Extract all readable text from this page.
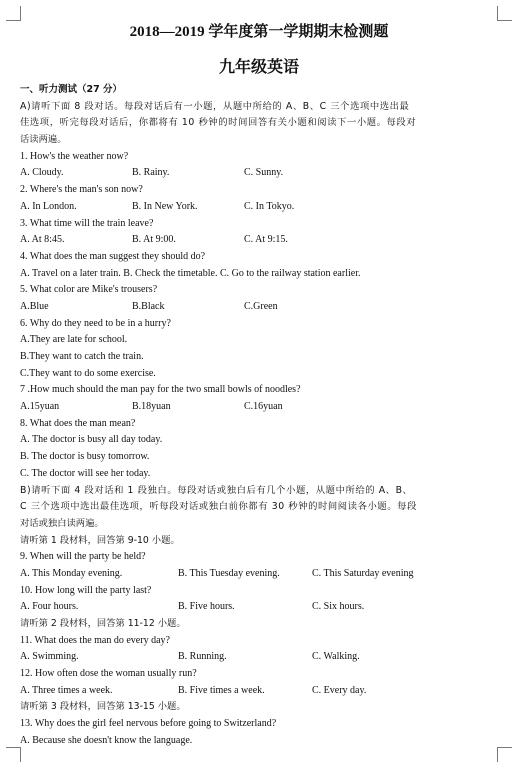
2018—2019 学年度第一学期期末检测题
九年级英语
一、听力测试（27 分）
A)请听下面 8 段对话。每段对话后有一小题，从题中所给的 A、B、C 三个选项中选出最
佳选项，听完每段对话后，你都将有 10 秒钟的时间回答有关小题和阅读下一小题。每段对
话读两遍。
1. How's the weather now?
A. Cloudy.	B. Rainy.	C. Sunny.
2. Where's the man's son now?
A. In London.	B. In New York.	C. In Tokyo.
3. What time will the train leave?
A. At 8:45.	B. At 9:00.	C. At 9:15.
4. What does the man suggest they should do?
A. Travel on a later train. B. Check the timetable. C. Go to the railway station earlier.
5. What color are Mike's trousers?
A.Blue	B.Black	C.Green
6. Why do they need to be in a hurry?
A.They are late for school.
B.They want to catch the train.
C.They want to do some exercise.
7 .How much should the man pay for the two small bowls of noodles?
A.15yuan	B.18yuan	C.16yuan
8. What does the man mean?
A. The doctor is busy all day today.
B. The doctor is busy tomorrow.
C. The doctor will see her today.
B)请听下面 4 段对话和 1 段独白。每段对话或独白后有几个小题，从题中所给的 A、B、
C 三个选项中选出最佳选项，听每段对话或独白前你都有 30 秒钟的时间阅读各小题。每段
对话或独白读两遍。
请听第 1 段材料，回答第 9-10 小题。
9. When will the party be held?
A. This Monday evening.	B. This Tuesday evening.	C. This Saturday evening
10. How long will the party last?
A. Four hours.	B. Five hours.	C. Six hours.
请听第 2 段材料，回答第 11-12 小题。
11. What does the man do every day?
A. Swimming.	B. Running.	C. Walking.
12. How often dose the woman usually run?
A. Three times a week.	B. Five times a week.	C. Every day.
请听第 3 段材料，回答第 13-15 小题。
13. Why does the girl feel nervous before going to Switzerland?
A. Because she doesn't know the language.
